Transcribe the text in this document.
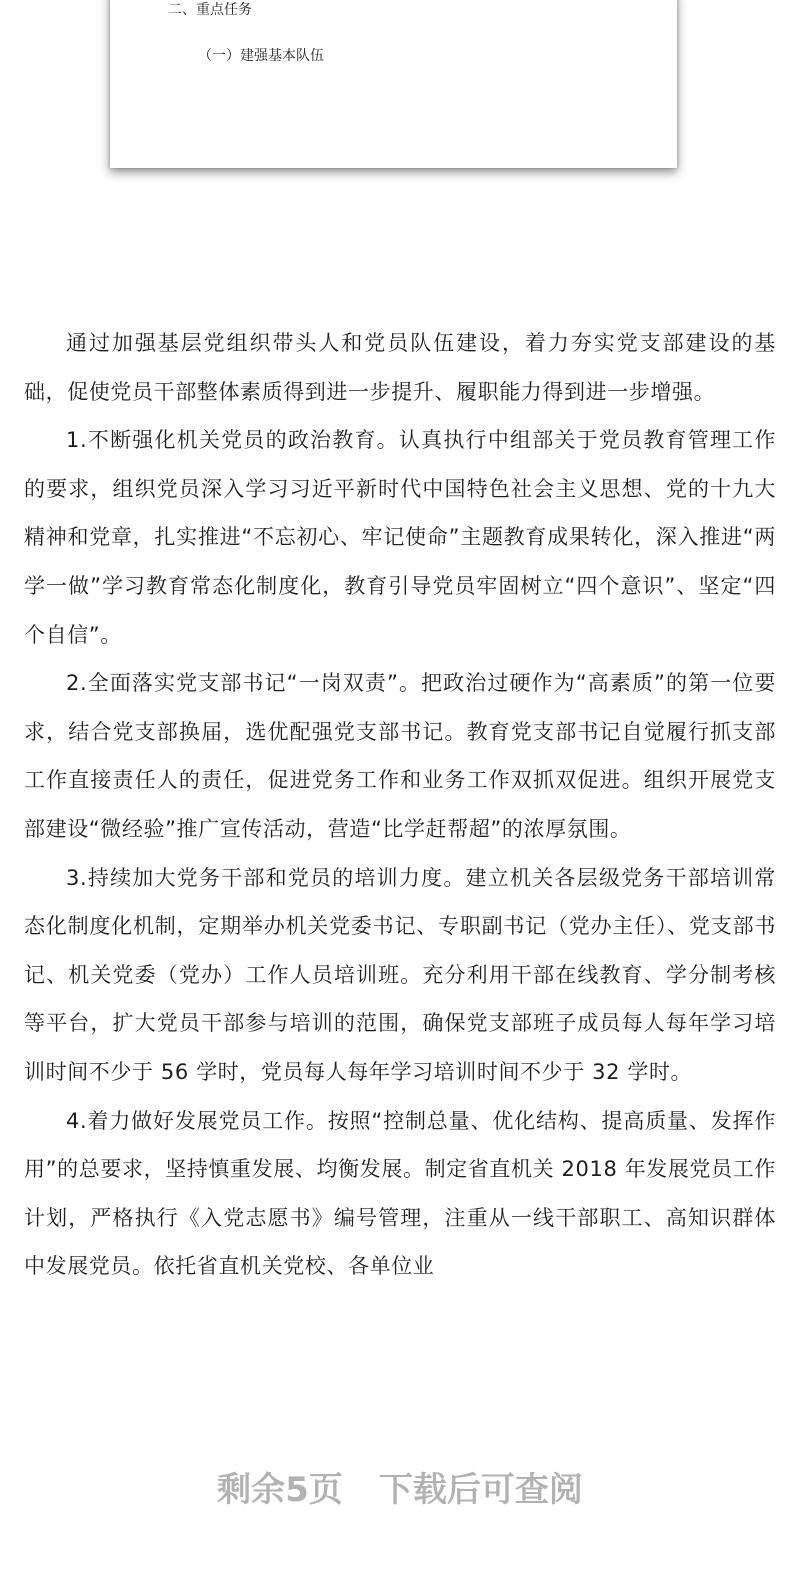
二、重点任务
（一）建强基本队伍

通过加强基层党组织带头人和党员队伍建设，着力夯实党支部建设的基础，促使党员干部整体素质得到进一步提升、履职能力得到进一步增强。

1.不断强化机关党员的政治教育。认真执行中组部关于党员教育管理工作的要求，组织党员深入学习习近平新时代中国特色社会主义思想、党的十九大精神和党章，扎实推进“不忘初心、牢记使命”主题教育成果转化，深入推进“两学一做”学习教育常态化制度化，教育引导党员牢固树立“四个意识”、坚定“四个自信”。

2.全面落实党支部书记“一岗双责”。把政治过硬作为“高素质”的第一位要求，结合党支部换届，选优配强党支部书记。教育党支部书记自觉履行抓支部工作直接责任人的责任，促进党务工作和业务工作双抓双促进。组织开展党支部建设“微经验”推广宣传活动，营造“比学赶帮超”的浓厚氛围。

3.持续加大党务干部和党员的培训力度。建立机关各层级党务干部培训常态化制度化机制，定期举办机关党委书记、专职副书记（党办主任）、党支部书记、机关党委（党办）工作人员培训班。充分利用干部在线教育、学分制考核等平台，扩大党员干部参与培训的范围，确保党支部班子成员每人每年学习培训时间不少于 56 学时，党员每人每年学习培训时间不少于 32 学时。

4.着力做好发展党员工作。按照“控制总量、优化结构、提高质量、发挥作用”的总要求，坚持慎重发展、均衡发展。制定省直机关 2018 年发展党员工作计划，严格执行《入党志愿书》编号管理，注重从一线干部职工、高知识群体中发展党员。依托省直机关党校、各单位业

剩余5页 下载后可查阅
